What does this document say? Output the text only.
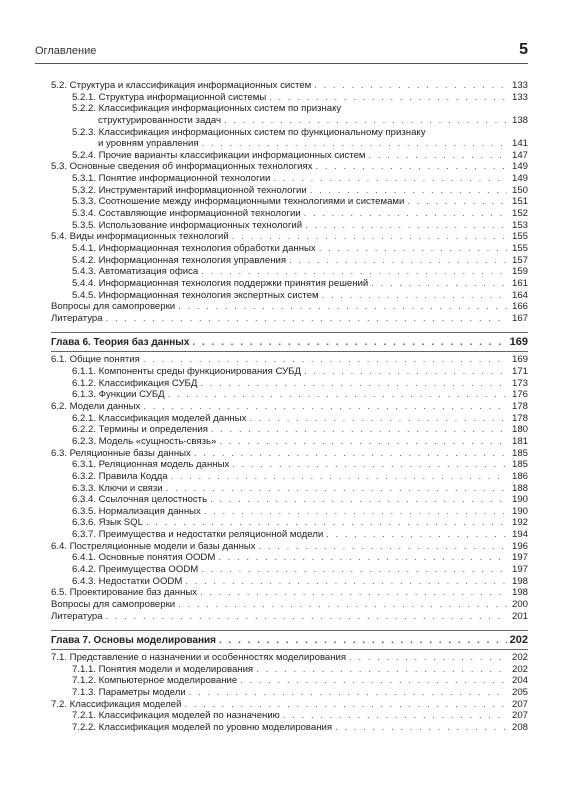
Оглавление	5
5.2. Структура и классификация информационных систем . . .	133
5.2.1. Структура информационной системы . . .	133
5.2.2. Классификация информационных систем по признаку
структурированности задач . . .	138
5.2.3. Классификация информационных систем по функциональному признаку
и уровням управления . . .	141
5.2.4. Прочие варианты классификации информационных систем . . .	147
5.3. Основные сведения об информационных технологиях . . .	149
5.3.1. Понятие информационной технологии . . .	149
5.3.2. Инструментарий информационной технологии . . .	150
5.3.3. Соотношение между информационными технологиями и системами . . .	151
5.3.4. Составляющие информационной технологии . . .	152
5.3.5. Использование информационных технологий . . .	153
5.4. Виды информационных технологий . . .	155
5.4.1. Информационная технология обработки данных . . .	155
5.4.2. Информационная технология управления . . .	157
5.4.3. Автоматизация офиса . . .	159
5.4.4. Информационная технология поддержки принятия решений . . .	161
5.4.5. Информационная технология экспертных систем . . .	164
Вопросы для самопроверки . . .	166
Литература . . .	167
Глава 6. Теория баз данных . . .	169
6.1. Общие понятия . . .	169
6.1.1. Компоненты среды функционирования СУБД . . .	171
6.1.2. Классификация СУБД . . .	173
6.1.3. Функции СУБД . . .	176
6.2. Модели данных . . .	178
6.2.1. Классификация моделей данных . . .	178
6.2.2. Термины и определения . . .	180
6.2.3. Модель «сущность-связь» . . .	181
6.3. Реляционные базы данных . . .	185
6.3.1. Реляционная модель данных . . .	185
6.3.2. Правила Кодда . . .	186
6.3.3. Ключи и связи . . .	188
6.3.4. Ссылочная целостность . . .	190
6.3.5. Нормализация данных . . .	190
6.3.6. Язык SQL . . .	192
6.3.7. Преимущества и недостатки реляционной модели . . .	194
6.4. Постреляционные модели и базы данных . . .	196
6.4.1. Основные понятия OODM . . .	197
6.4.2. Преимущества OODM . . .	197
6.4.3. Недостатки OODM . . .	198
6.5. Проектирование баз данных . . .	198
Вопросы для самопроверки . . .	200
Литература . . .	201
Глава 7. Основы моделирования . . .	202
7.1. Представление о назначении и особенностях моделирования . . .	202
7.1.1. Понятия модели и моделирования . . .	202
7.1.2. Компьютерное моделирование . . .	204
7.1.3. Параметры модели . . .	205
7.2. Классификация моделей . . .	207
7.2.1. Классификация моделей по назначению . . .	207
7.2.2. Классификация моделей по уровню моделирования . . .	208
